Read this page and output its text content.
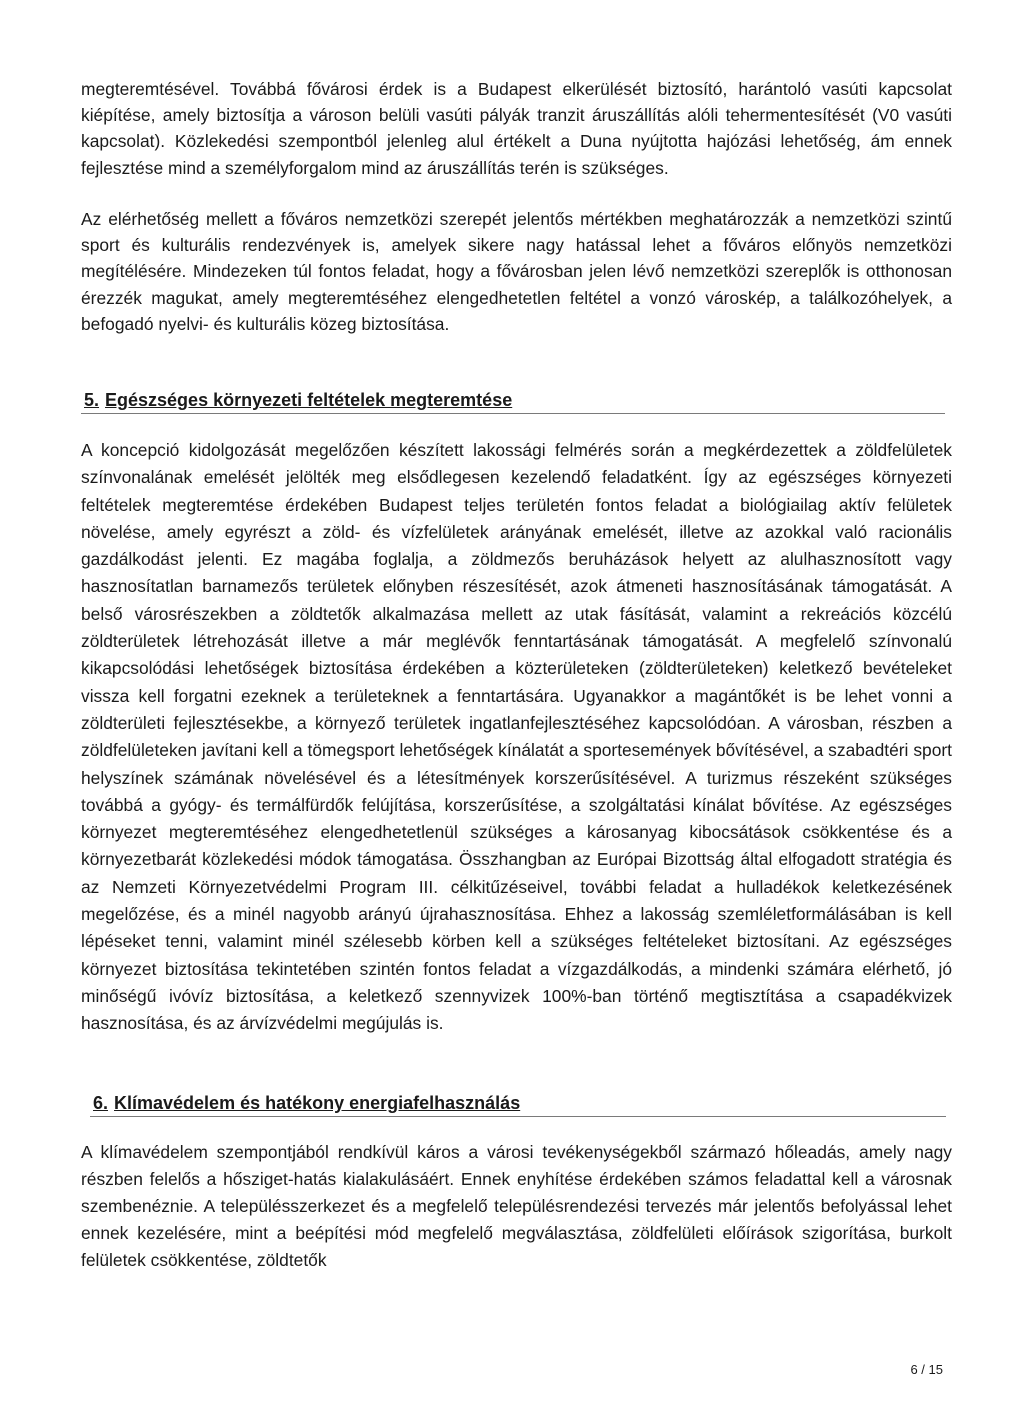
megteremtésével. Továbbá fővárosi érdek is a Budapest elkerülését biztosító, harántoló vasúti kapcsolat kiépítése, amely biztosítja a városon belüli vasúti pályák tranzit áruszállítás alóli tehermentesítését (V0 vasúti kapcsolat). Közlekedési szempontból jelenleg alul értékelt a Duna nyújtotta hajózási lehetőség, ám ennek fejlesztése mind a személyforgalom mind az áruszállítás terén is szükséges.

Az elérhetőség mellett a főváros nemzetközi szerepét jelentős mértékben meghatározzák a nemzetközi szintű sport és kulturális rendezvények is, amelyek sikere nagy hatással lehet a főváros előnyös nemzetközi megítélésére. Mindezeken túl fontos feladat, hogy a fővárosban jelen lévő nemzetközi szereplők is otthonosan érezzék magukat, amely megteremtéséhez elengedhetetlen feltétel a vonzó városkép, a találkozóhelyek, a befogadó nyelvi- és kulturális közeg biztosítása.

5. Egészséges környezeti feltételek megteremtése

A koncepció kidolgozását megelőzően készített lakossági felmérés során a megkérdezettek a zöldfelületek színvonalának emelését jelölték meg elsődlegesen kezelendő feladatként. Így az egészséges környezeti feltételek megteremtése érdekében Budapest teljes területén fontos feladat a biológiailag aktív felületek növelése, amely egyrészt a zöld- és vízfelületek arányának emelését, illetve az azokkal való racionális gazdálkodást jelenti. Ez magába foglalja, a zöldmezős beruházások helyett az alulhasznosított vagy hasznosítatlan barnamezős területek előnyben részesítését, azok átmeneti hasznosításának támogatását. A belső városrészekben a zöldtetők alkalmazása mellett az utak fásítását, valamint a rekreációs közcélú zöldterületek létrehozását illetve a már meglévők fenntartásának támogatását. A megfelelő színvonalú kikapcsolódási lehetőségek biztosítása érdekében a közterületeken (zöldterületeken) keletkező bevételeket vissza kell forgatni ezeknek a területeknek a fenntartására. Ugyanakkor a magántőkét is be lehet vonni a zöldterületi fejlesztésekbe, a környező területek ingatlanfejlesztéséhez kapcsolódóan. A városban, részben a zöldfelületeken javítani kell a tömegsport lehetőségek kínálatát a sportesemények bővítésével, a szabadtéri sport helyszínek számának növelésével és a létesítmények korszerűsítésével. A turizmus részeként szükséges továbbá a gyógy- és termálfürdők felújítása, korszerűsítése, a szolgáltatási kínálat bővítése. Az egészséges környezet megteremtéséhez elengedhetetlenül szükséges a károsanyag kibocsátások csökkentése és a környezetbarát közlekedési módok támogatása. Összhangban az Európai Bizottság által elfogadott stratégia és az Nemzeti Környezetvédelmi Program III. célkitűzéseivel, további feladat a hulladékok keletkezésének megelőzése, és a minél nagyobb arányú újrahasznosítása. Ehhez a lakosság szemléletformálásában is kell lépéseket tenni, valamint minél szélesebb körben kell a szükséges feltételeket biztosítani. Az egészséges környezet biztosítása tekintetében szintén fontos feladat a vízgazdálkodás, a mindenki számára elérhető, jó minőségű ivóvíz biztosítása, a keletkező szennyvizek 100%-ban történő megtisztítása a csapadékvizek hasznosítása, és az árvízvédelmi megújulás is.

6. Klímavédelem és hatékony energiafelhasználás

A klímavédelem szempontjából rendkívül káros a városi tevékenységekből származó hőleadás, amely nagy részben felelős a hősziget-hatás kialakulásáért. Ennek enyhítése érdekében számos feladattal kell a városnak szembenéznie. A településszerkezet és a megfelelő településrendezési tervezés már jelentős befolyással lehet ennek kezelésére, mint a beépítési mód megfelelő megválasztása, zöldfelületi előírások szigorítása, burkolt felületek csökkentése, zöldtetők

6 / 15
